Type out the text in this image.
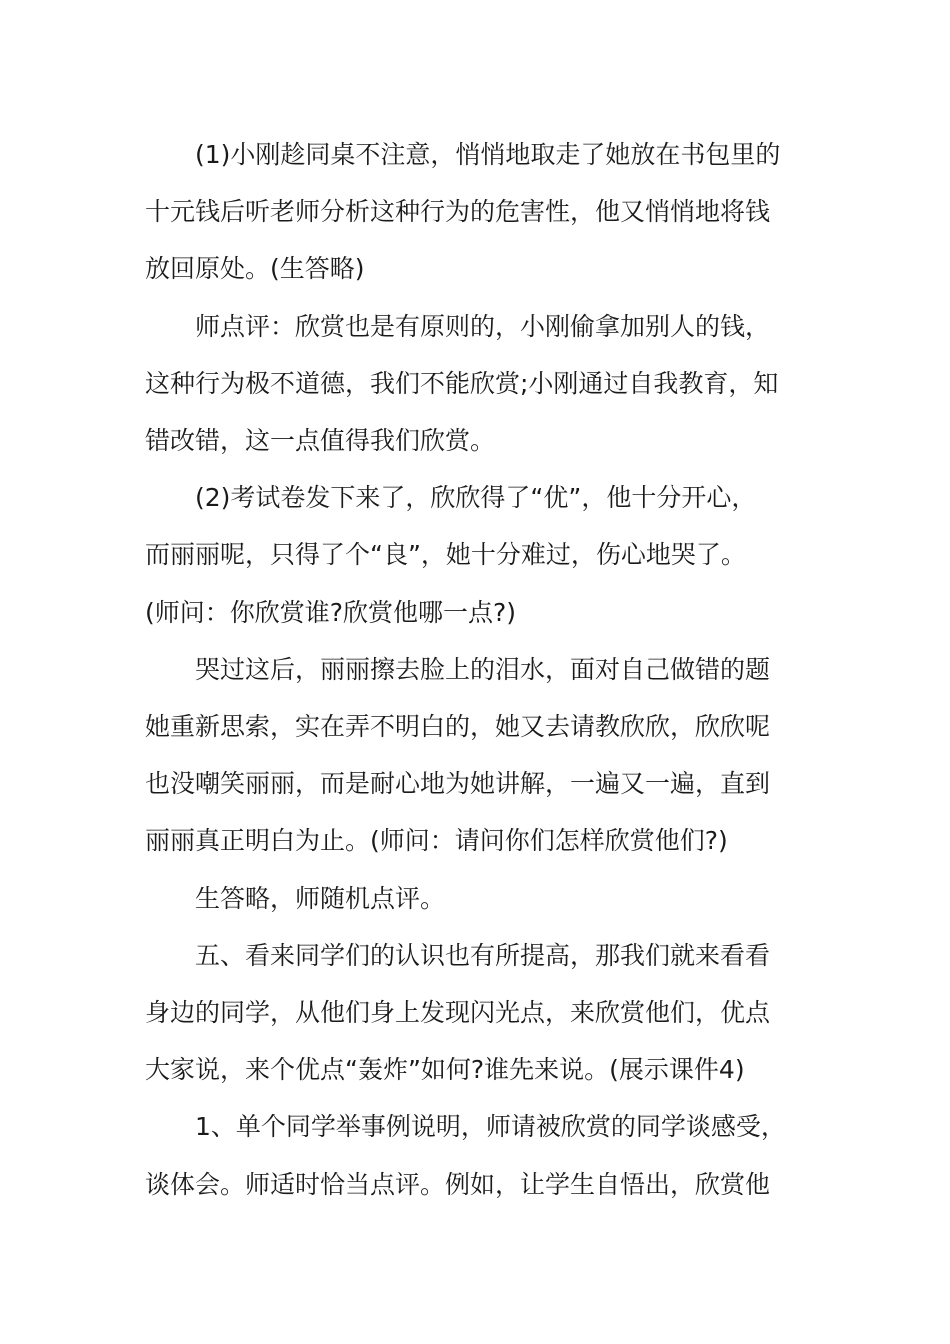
(1)小刚趁同桌不注意，悄悄地取走了她放在书包里的
十元钱后听老师分析这种行为的危害性，他又悄悄地将钱
放回原处。(生答略)

师点评：欣赏也是有原则的，小刚偷拿加别人的钱，
这种行为极不道德，我们不能欣赏;小刚通过自我教育，知
错改错，这一点值得我们欣赏。

(2)考试卷发下来了，欣欣得了“优”，他十分开心，
而丽丽呢，只得了个“良”，她十分难过，伤心地哭了。
(师问：你欣赏谁?欣赏他哪一点?)

哭过这后，丽丽擦去脸上的泪水，面对自己做错的题
她重新思索，实在弄不明白的，她又去请教欣欣，欣欣呢
也没嘲笑丽丽，而是耐心地为她讲解，一遍又一遍，直到
丽丽真正明白为止。(师问：请问你们怎样欣赏他们?)

生答略，师随机点评。

五、看来同学们的认识也有所提高，那我们就来看看
身边的同学，从他们身上发现闪光点，来欣赏他们，优点
大家说，来个优点“轰炸”如何?谁先来说。(展示课件4)

1、单个同学举事例说明，师请被欣赏的同学谈感受，
谈体会。师适时恰当点评。例如，让学生自悟出，欣赏他
